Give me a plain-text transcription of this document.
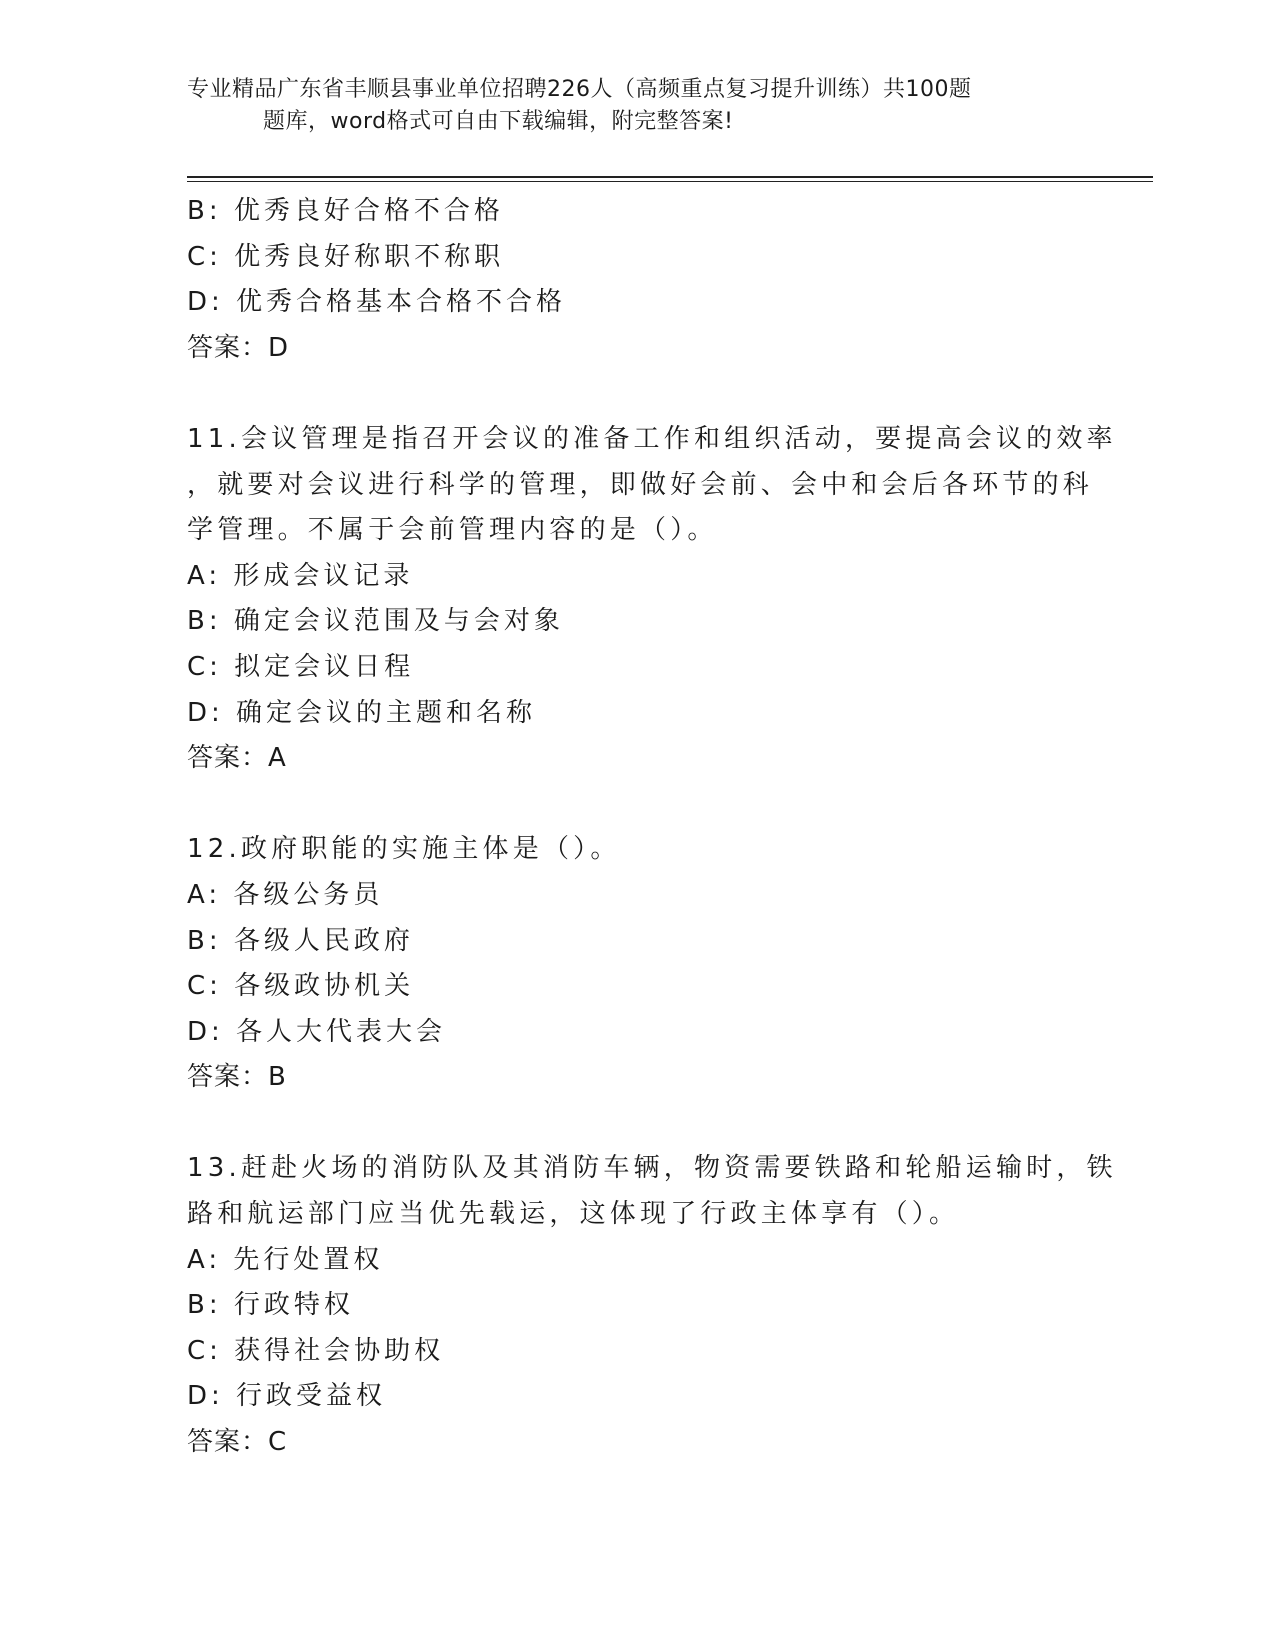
专业精品广东省丰顺县事业单位招聘226人（高频重点复习提升训练）共100题
题库，word格式可自由下载编辑，附完整答案!
B: 优秀良好合格不合格
C: 优秀良好称职不称职
D: 优秀合格基本合格不合格
答案：D
11.会议管理是指召开会议的准备工作和组织活动，要提高会议的效率
，就要对会议进行科学的管理，即做好会前、会中和会后各环节的科
学管理。不属于会前管理内容的是（）。
A: 形成会议记录
B: 确定会议范围及与会对象
C: 拟定会议日程
D: 确定会议的主题和名称
答案：A
12.政府职能的实施主体是（）。
A: 各级公务员
B: 各级人民政府
C: 各级政协机关
D: 各人大代表大会
答案：B
13.赶赴火场的消防队及其消防车辆，物资需要铁路和轮船运输时，铁
路和航运部门应当优先载运，这体现了行政主体享有（）。
A: 先行处置权
B: 行政特权
C: 获得社会协助权
D: 行政受益权
答案：C
